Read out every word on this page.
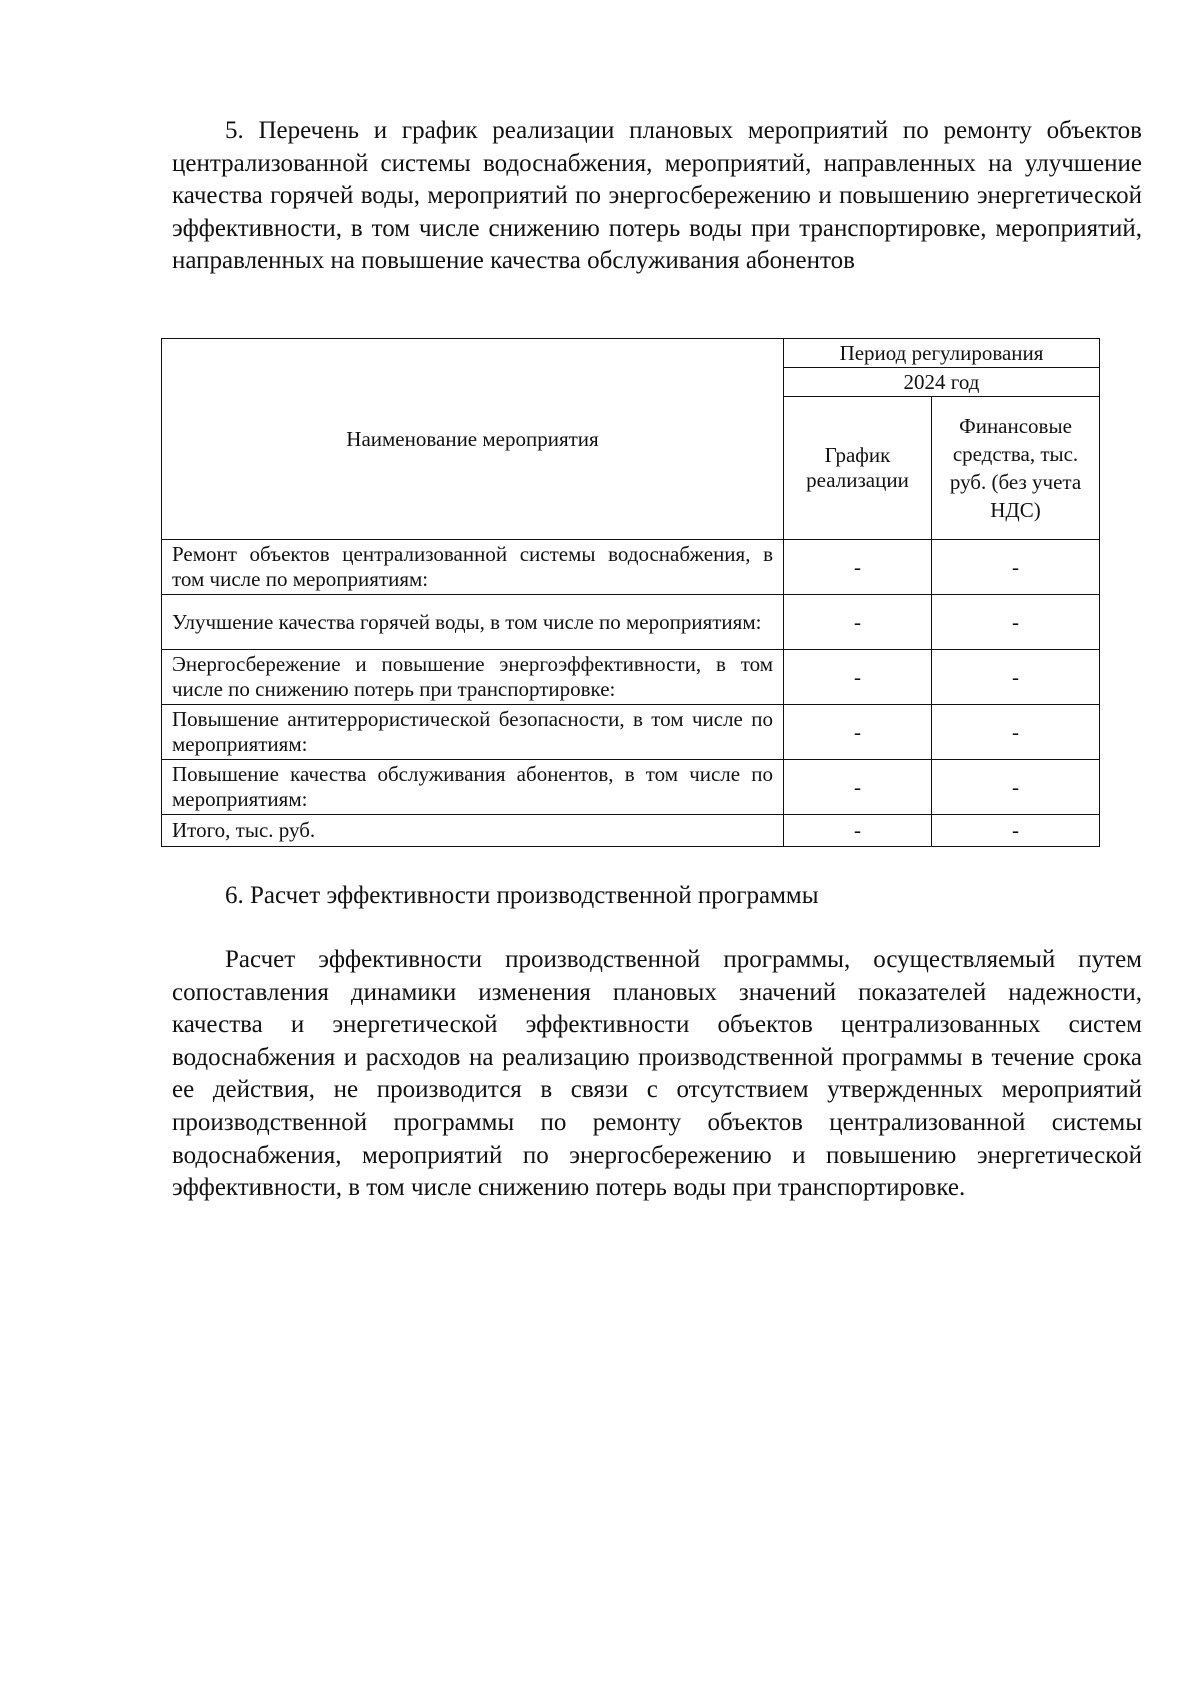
5. Перечень и график реализации плановых мероприятий по ремонту объектов централизованной системы водоснабжения, мероприятий, направленных на улучшение качества горячей воды, мероприятий по энергосбережению и повышению энергетической эффективности, в том числе снижению потерь воды при транспортировке, мероприятий, направленных на повышение качества обслуживания абонентов

Наименование мероприятия	Период регулирования	
	2024 год	
	График реализации	Финансовые средства, тыс. руб. (без учета НДС)
Ремонт объектов централизованной системы водоснабжения, в том числе по мероприятиям:	-	-
Улучшение качества горячей воды, в том числе по мероприятиям:	-	-
Энергосбережение и повышение энергоэффективности, в том числе по снижению потерь при транспортировке:	-	-
Повышение антитеррористической безопасности, в том числе по мероприятиям:	-	-
Повышение качества обслуживания абонентов, в том числе по мероприятиям:	-	-
Итого, тыс. руб.	-	-

6. Расчет эффективности производственной программы

Расчет эффективности производственной программы, осуществляемый путем сопоставления динамики изменения плановых значений показателей надежности, качества и энергетической эффективности объектов централизованных систем водоснабжения и расходов на реализацию производственной программы в течение срока ее действия, не производится в связи с отсутствием утвержденных мероприятий производственной программы по ремонту объектов централизованной системы водоснабжения, мероприятий по энергосбережению и повышению энергетической эффективности, в том числе снижению потерь воды при транспортировке.
